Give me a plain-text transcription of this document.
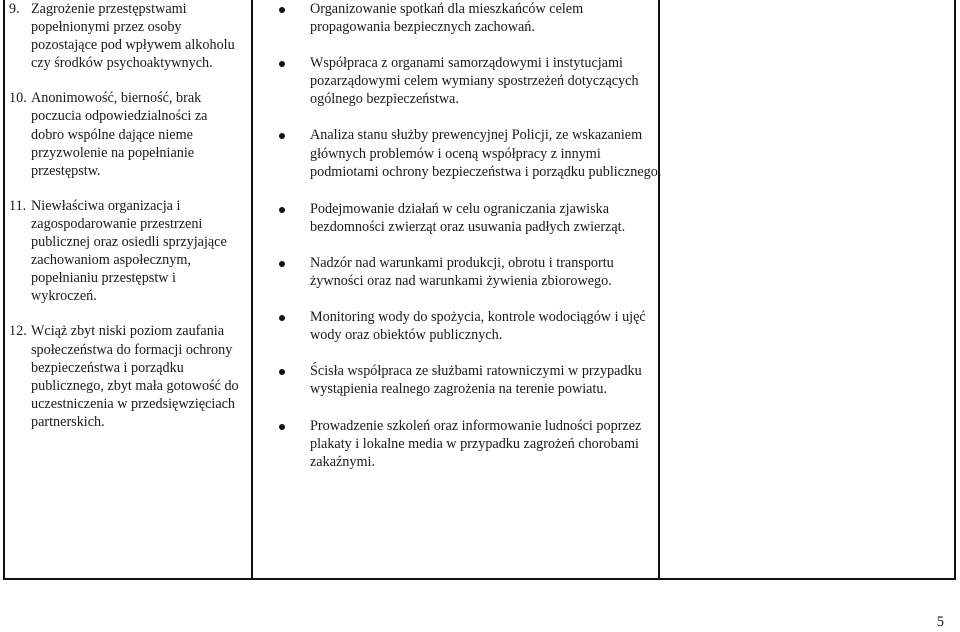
9. Zagrożenie przestępstwami popełnionymi przez osoby pozostające pod wpływem alkoholu czy środków psychoaktywnych.
10. Anonimowość, bierność, brak poczucia odpowiedzialności za dobro wspólne dające nieme przyzwolenie na popełnianie przestępstw.
11. Niewłaściwa organizacja i zagospodarowanie przestrzeni publicznej oraz osiedli sprzyjające zachowaniom aspołecznym, popełnianiu przestępstw i wykroczeń.
12. Wciąż zbyt niski poziom zaufania społeczeństwa do formacji ochrony bezpieczeństwa i porządku publicznego, zbyt mała gotowość do uczestniczenia w przedsięwzięciach partnerskich.
Organizowanie spotkań dla mieszkańców celem propagowania bezpiecznych zachowań.
Współpraca z organami samorządowymi i instytucjami pozarządowymi celem wymiany spostrzeżeń dotyczących ogólnego bezpieczeństwa.
Analiza stanu służby prewencyjnej Policji, ze wskazaniem głównych problemów i oceną współpracy z innymi podmiotami ochrony bezpieczeństwa i porządku publicznego.
Podejmowanie działań w celu ograniczania zjawiska bezdomności zwierząt oraz usuwania padłych zwierząt.
Nadzór nad warunkami produkcji, obrotu i transportu żywności oraz nad warunkami żywienia zbiorowego.
Monitoring wody do spożycia, kontrole wodociągów i ujęć wody oraz obiektów publicznych.
Ścisła współpraca ze służbami ratowniczymi w przypadku wystąpienia realnego zagrożenia na terenie powiatu.
Prowadzenie szkoleń oraz informowanie ludności poprzez plakaty i lokalne media w przypadku zagrożeń chorobami zakaźnymi.
5
